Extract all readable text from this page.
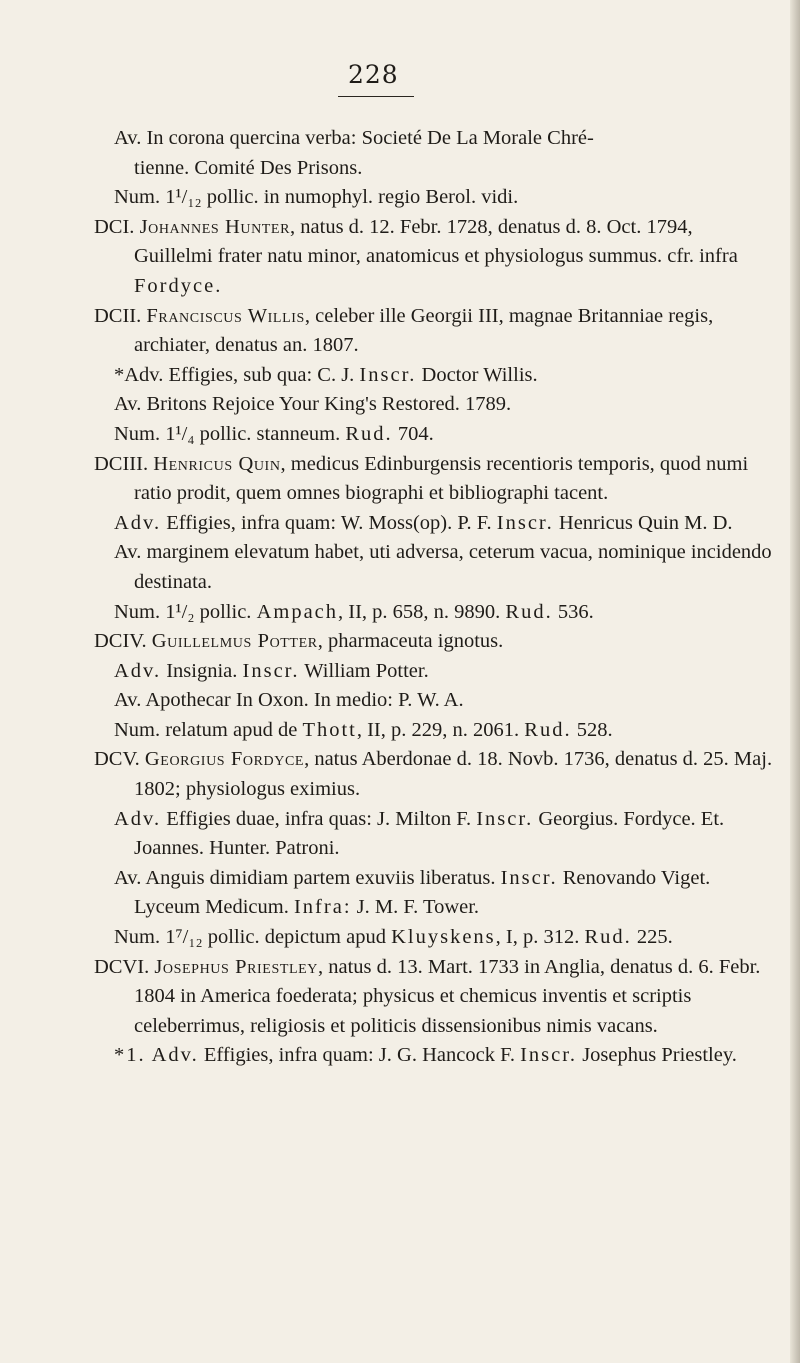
228

Av. In corona quercina verba: Societé De La Morale Chré-

tienne. Comité Des Prisons.

Num. 1¹/₁₂ pollic. in numophyl. regio Berol. vidi.

DCI. Johannes Hunter, natus d. 12. Febr. 1728, denatus d. 8. Oct. 1794, Guillelmi frater natu minor, anatomicus et physiologus summus. cfr. infra Fordyce.

DCII. Franciscus Willis, celeber ille Georgii III, magnae Britanniae regis, archiater, denatus an. 1807.

*Adv. Effigies, sub qua: C. J. Inscr. Doctor Willis.

Av. Britons Rejoice Your King's Restored. 1789.

Num. 1¹/₄ pollic. stanneum. Rud. 704.

DCIII. Henricus Quin, medicus Edinburgensis recentioris temporis, quod numi ratio prodit, quem omnes biographi et bibliographi tacent.

Adv. Effigies, infra quam: W. Moss(op). P. F. Inscr. Henricus Quin M. D.

Av. marginem elevatum habet, uti adversa, ceterum vacua, nominique incidendo destinata.

Num. 1¹/₂ pollic. Ampach, II, p. 658, n. 9890. Rud. 536.

DCIV. Guillelmus Potter, pharmaceuta ignotus.

Adv. Insignia. Inscr. William Potter.

Av. Apothecar In Oxon. In medio: P. W. A.

Num. relatum apud de Thott, II, p. 229, n. 2061. Rud. 528.

DCV. Georgius Fordyce, natus Aberdonae d. 18. Novb. 1736, denatus d. 25. Maj. 1802; physiologus eximius.

Adv. Effigies duae, infra quas: J. Milton F. Inscr. Georgius. Fordyce. Et. Joannes. Hunter. Patroni.

Av. Anguis dimidiam partem exuviis liberatus. Inscr. Renovando Viget. Lyceum Medicum. Infra: J. M. F. Tower.

Num. 1⁷/₁₂ pollic. depictum apud Kluyskens, I, p. 312. Rud. 225.

DCVI. Josephus Priestley, natus d. 13. Mart. 1733 in Anglia, denatus d. 6. Febr. 1804 in America foederata; physicus et chemicus inventis et scriptis celeberrimus, religiosis et politicis dissensionibus nimis vacans.

*1. Adv. Effigies, infra quam: J. G. Hancock F. Inscr. Josephus Priestley.
